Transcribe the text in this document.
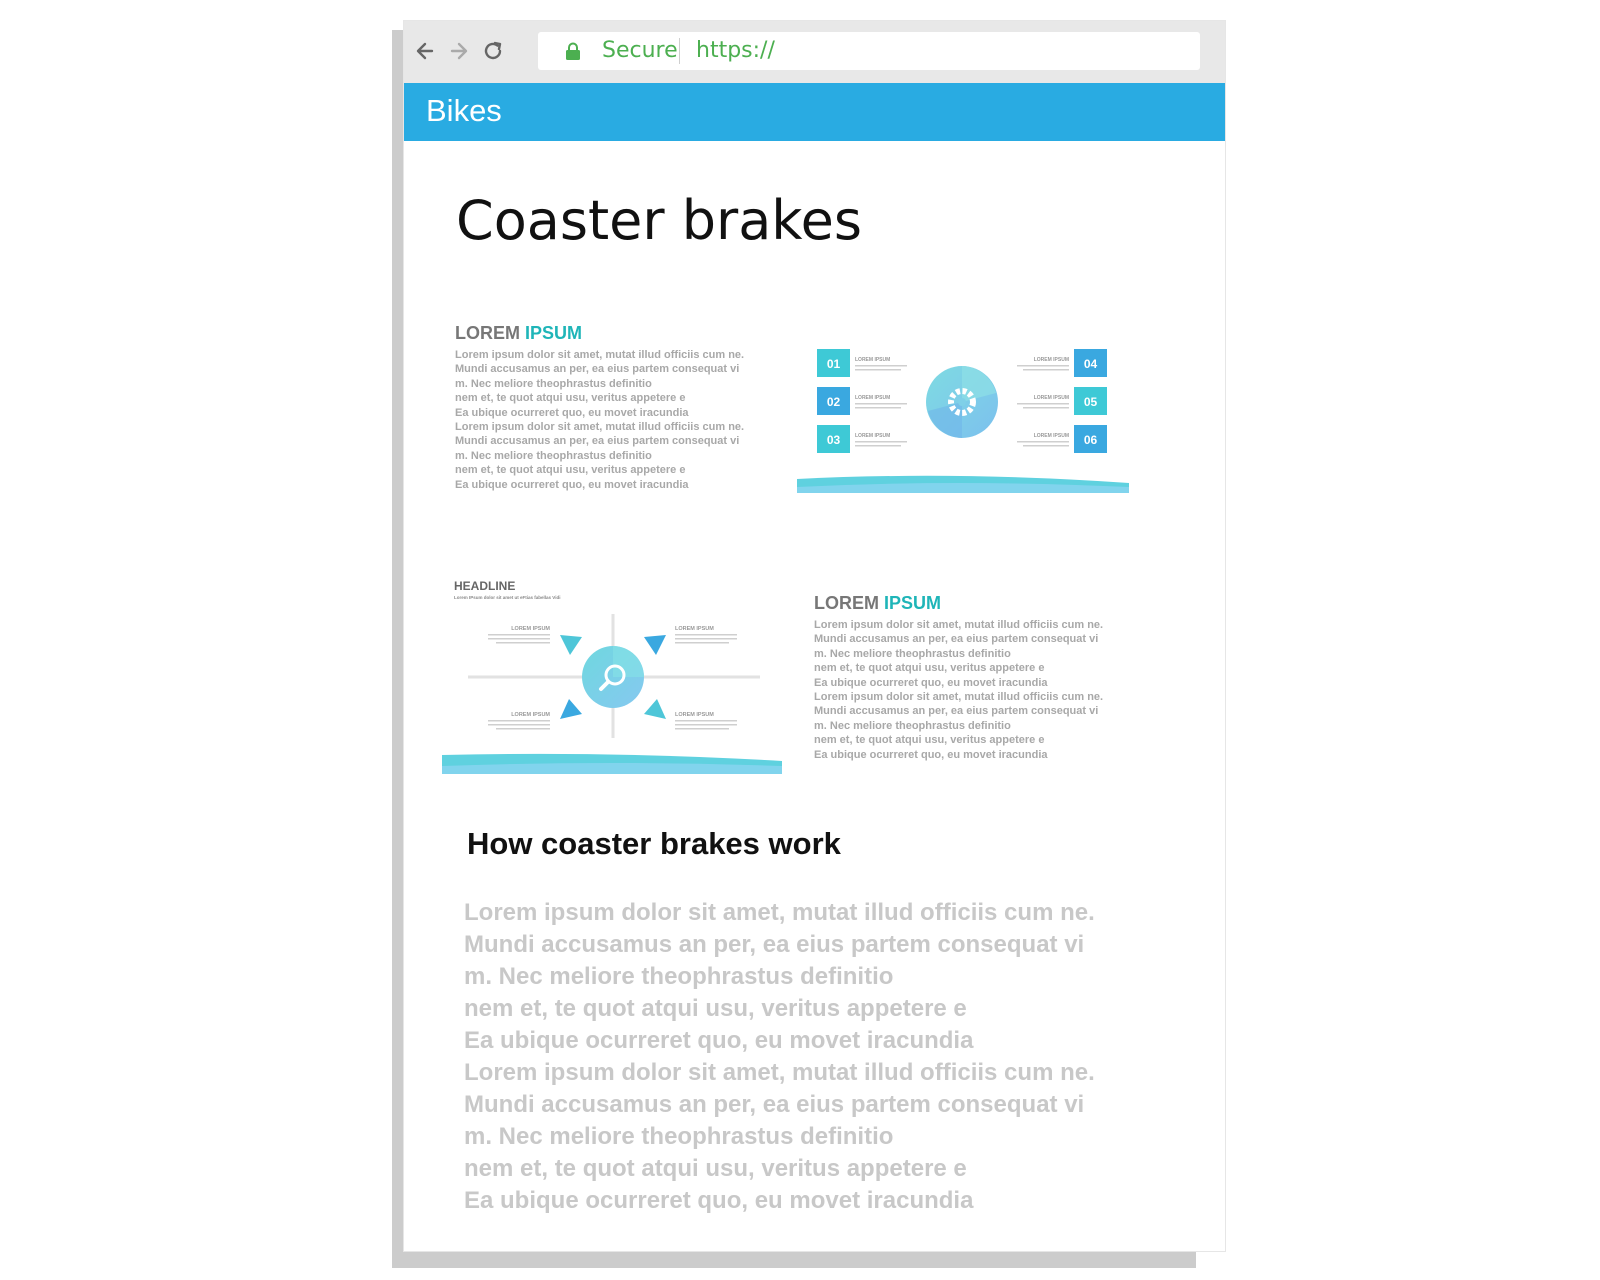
Secure https://
Bikes
Coaster brakes
LOREM IPSUM
Lorem ipsum dolor sit amet, mutat illud officiis cum ne.
Mundi accusamus an per, ea eius partem consequat vi
m. Nec meliore theophrastus definitio
nem et, te quot atqui usu, veritus appetere e
Ea ubique ocurreret quo, eu movet iracundia
Lorem ipsum dolor sit amet, mutat illud officiis cum ne.
Mundi accusamus an per, ea eius partem consequat vi
m. Nec meliore theophrastus definitio
nem et, te quot atqui usu, veritus appetere e
Ea ubique ocurreret quo, eu movet iracundia
01
02
03
04
05
06
LOREM IPSUM
LOREM IPSUM
LOREM IPSUM
LOREM IPSUM
LOREM IPSUM
LOREM IPSUM
HEADLINE
Lorem IPsum dolor sit amet ut eFtias fabellas Vidi
LOREM IPSUM	LOREM IPSUM
LOREM IPSUM	LOREM IPSUM
LOREM IPSUM
Lorem ipsum dolor sit amet, mutat illud officiis cum ne.
Mundi accusamus an per, ea eius partem consequat vi
m. Nec meliore theophrastus definitio
nem et, te quot atqui usu, veritus appetere e
Ea ubique ocurreret quo, eu movet iracundia
Lorem ipsum dolor sit amet, mutat illud officiis cum ne.
Mundi accusamus an per, ea eius partem consequat vi
m. Nec meliore theophrastus definitio
nem et, te quot atqui usu, veritus appetere e
Ea ubique ocurreret quo, eu movet iracundia
How coaster brakes work
Lorem ipsum dolor sit amet, mutat illud officiis cum ne.
Mundi accusamus an per, ea eius partem consequat vi
m. Nec meliore theophrastus definitio
nem et, te quot atqui usu, veritus appetere e
Ea ubique ocurreret quo, eu movet iracundia
Lorem ipsum dolor sit amet, mutat illud officiis cum ne.
Mundi accusamus an per, ea eius partem consequat vi
m. Nec meliore theophrastus definitio
nem et, te quot atqui usu, veritus appetere e
Ea ubique ocurreret quo, eu movet iracundia
